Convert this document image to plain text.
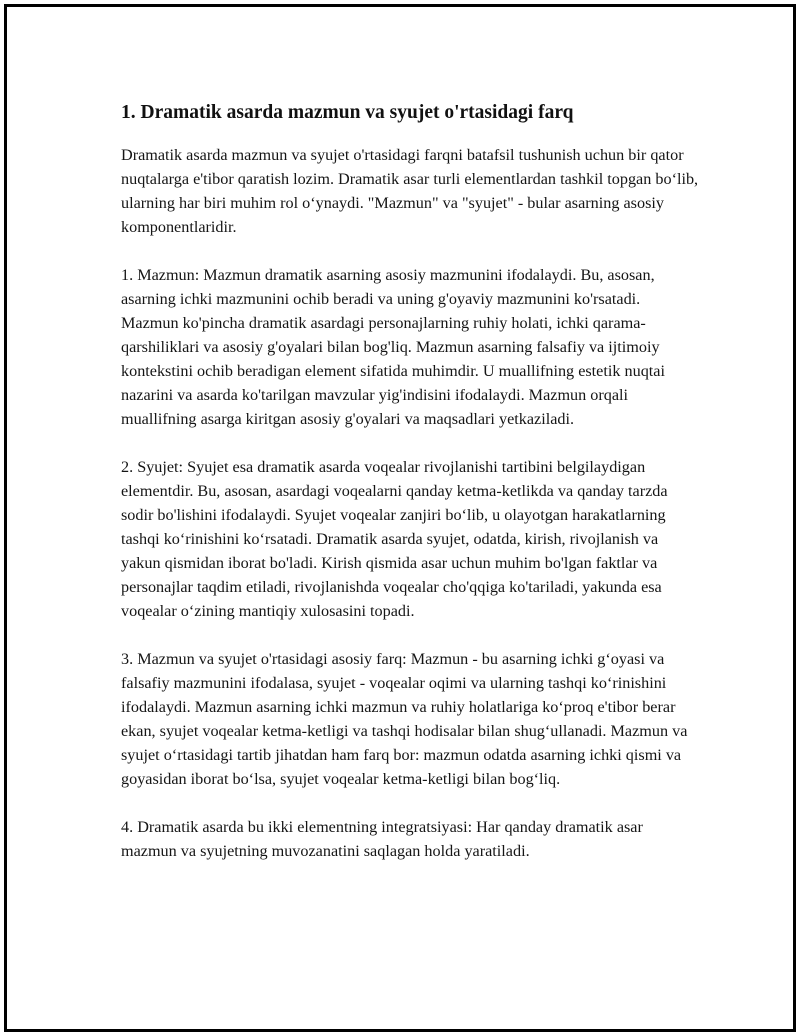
1. Dramatik asarda mazmun va syujet o'rtasidagi farq

Dramatik asarda mazmun va syujet o'rtasidagi farqni batafsil tushunish uchun bir qator nuqtalarga e'tibor qaratish lozim. Dramatik asar turli elementlardan tashkil topgan bo‘lib, ularning har biri muhim rol o‘ynaydi. "Mazmun" va "syujet" - bular asarning asosiy komponentlaridir.

1. Mazmun: Mazmun dramatik asarning asosiy mazmunini ifodalaydi. Bu, asosan, asarning ichki mazmunini ochib beradi va uning g'oyaviy mazmunini ko'rsatadi. Mazmun ko'pincha dramatik asardagi personajlarning ruhiy holati, ichki qarama-qarshiliklari va asosiy g'oyalari bilan bog'liq. Mazmun asarning falsafiy va ijtimoiy kontekstini ochib beradigan element sifatida muhimdir. U muallifning estetik nuqtai nazarini va asarda ko'tarilgan mavzular yig'indisini ifodalaydi. Mazmun orqali muallifning asarga kiritgan asosiy g'oyalari va maqsadlari yetkaziladi.

2. Syujet: Syujet esa dramatik asarda voqealar rivojlanishi tartibini belgilaydigan elementdir. Bu, asosan, asardagi voqealarni qanday ketma-ketlikda va qanday tarzda sodir bo'lishini ifodalaydi. Syujet voqealar zanjiri bo‘lib, u olayotgan harakatlarning tashqi ko‘rinishini ko‘rsatadi. Dramatik asarda syujet, odatda, kirish, rivojlanish va yakun qismidan iborat bo'ladi. Kirish qismida asar uchun muhim bo'lgan faktlar va personajlar taqdim etiladi, rivojlanishda voqealar cho'qqiga ko'tariladi, yakunda esa voqealar o‘zining mantiqiy xulosasini topadi.

3. Mazmun va syujet o'rtasidagi asosiy farq: Mazmun - bu asarning ichki g‘oyasi va falsafiy mazmunini ifodalasa, syujet - voqealar oqimi va ularning tashqi ko‘rinishini ifodalaydi. Mazmun asarning ichki mazmun va ruhiy holatlariga ko‘proq e'tibor berar ekan, syujet voqealar ketma-ketligi va tashqi hodisalar bilan shug‘ullanadi. Mazmun va syujet o‘rtasidagi tartib jihatdan ham farq bor: mazmun odatda asarning ichki qismi va goyasidan iborat bo‘lsa, syujet voqealar ketma-ketligi bilan bog‘liq.

4. Dramatik asarda bu ikki elementning integratsiyasi: Har qanday dramatik asar mazmun va syujetning muvozanatini saqlagan holda yaratiladi.
